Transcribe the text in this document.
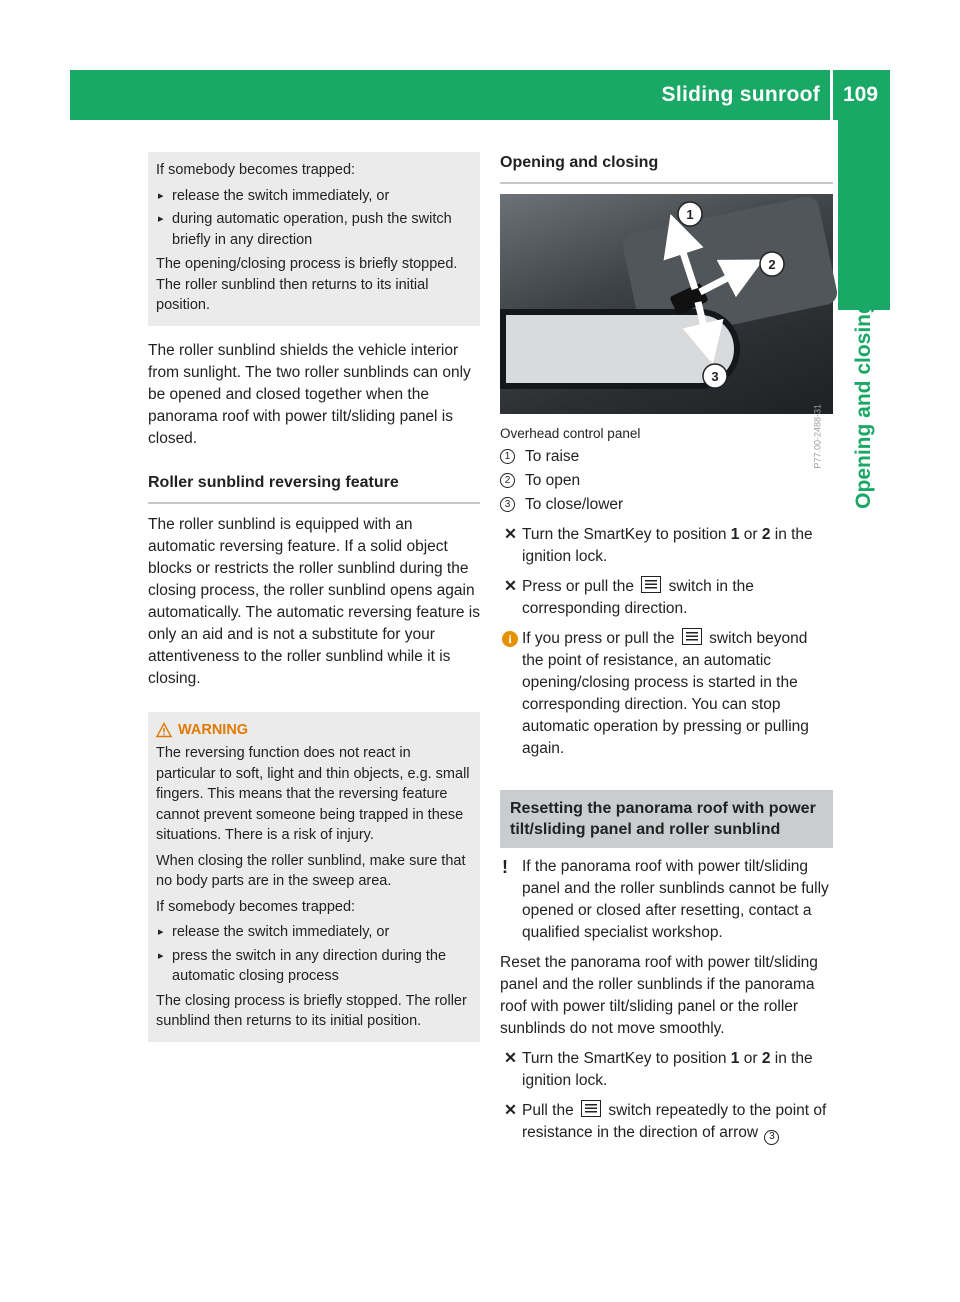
Sliding sunroof 109
Opening and closing

If somebody becomes trapped:

▸ release the switch immediately, or
▸ during automatic operation, push the switch briefly in any direction

The opening/closing process is briefly stopped. The roller sunblind then returns to its initial position.

The roller sunblind shields the vehicle interior from sunlight. The two roller sunblinds can only be opened and closed together when the panorama roof with power tilt/sliding panel is closed.

Roller sunblind reversing feature

The roller sunblind is equipped with an automatic reversing feature. If a solid object blocks or restricts the roller sunblind during the closing process, the roller sunblind opens again automatically. The automatic reversing feature is only an aid and is not a substitute for your attentiveness to the roller sunblind while it is closing.

WARNING

The reversing function does not react in particular to soft, light and thin objects, e.g. small fingers. This means that the reversing feature cannot prevent someone being trapped in these situations. There is a risk of injury.

When closing the roller sunblind, make sure that no body parts are in the sweep area.

If somebody becomes trapped:

▸ release the switch immediately, or
▸ press the switch in any direction during the automatic closing process

The closing process is briefly stopped. The roller sunblind then returns to its initial position.

Opening and closing
1
2
3
P77.00-2488-31

Overhead control panel

1 To raise
2 To open
3 To close/lower
✕ Turn the SmartKey to position 1 or 2 in the ignition lock.
✕ Press or pull the  switch in the corresponding direction.
i If you press or pull the  switch beyond the point of resistance, an automatic opening/closing process is started in the corresponding direction. You can stop automatic operation by pressing or pulling again.
Resetting the panorama roof with power tilt/sliding panel and roller sunblind
! If the panorama roof with power tilt/sliding panel and the roller sunblinds cannot be fully opened or closed after resetting, contact a qualified specialist workshop.

Reset the panorama roof with power tilt/sliding panel and the roller sunblinds if the panorama roof with power tilt/sliding panel or the roller sunblinds do not move smoothly.

✕ Turn the SmartKey to position 1 or 2 in the ignition lock.
✕ Pull the  switch repeatedly to the point of resistance in the direction of arrow 3
